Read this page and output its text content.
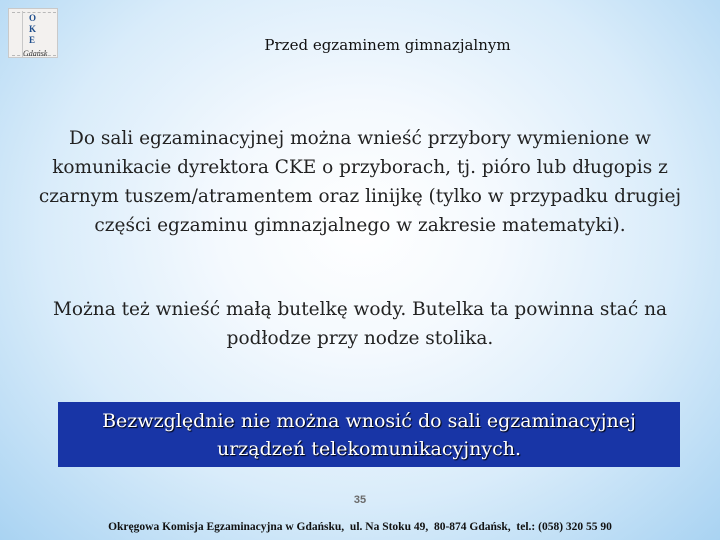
O
K
E
Gdańsk	Przed egzaminem gimnazjalnym
Do sali egzaminacyjnej można wnieść przybory wymienione w komunikacie dyrektora CKE o przyborach, tj. pióro lub długopis z czarnym tuszem/atramentem oraz linijkę (tylko w przypadku drugiej części egzaminu gimnazjalnego w zakresie matematyki).
Można też wnieść małą butelkę wody. Butelka ta powinna stać na podłodze przy nodze stolika.
Bezwzględnie nie można wnosić do sali egzaminacyjnej urządzeń telekomunikacyjnych.
35
Okręgowa Komisja Egzaminacyjna w Gdańsku,  ul. Na Stoku 49,  80-874 Gdańsk,  tel.: (058) 320 55 90
